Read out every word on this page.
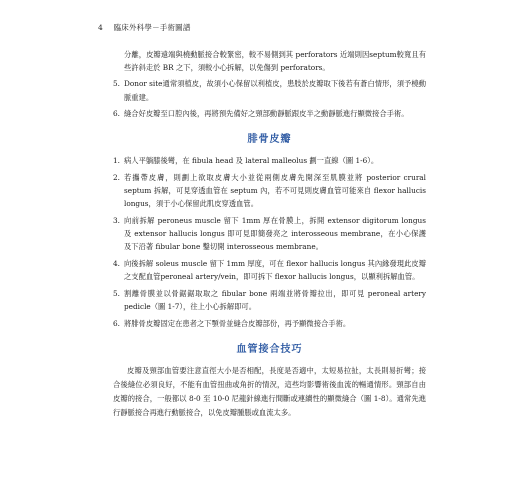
4 臨床外科學－手術圖譜

分離，皮瓣遠端與橈動脈接合較緊密，較不易側到其 perforators 近端則因septum較寬且有些許斜走於 BR 之下，須較小心拆解，以免傷到 perforators。

5. Donor site通常須植皮，故須小心保留以利植皮，患肢於皮瓣取下後若有蒼白情形，須予橈動脈重建。
6. 縫合好皮瓣至口腔內後，再將預先備好之頸部動靜脈跟皮半之動靜脈進行顯微接合手術。
腓骨皮瓣
1. 病人平躺膝後彎，在 fibula head 及 lateral malleolus 劃一直線（圖 1-6）。
2. 若攜帶皮膚，則劃上欲取皮膚大小並從兩側皮膚先開深至肌膜並將 posterior crural septum 拆解，可見穿透血管在 septum 內，若不可見則皮膚血管可能來自 flexor hallucis longus，須于小心保留此肌皮穿透血管。
3. 向前拆解 peroneus muscle 留下 1mm 厚在骨膜上，拆開 extensor digitorum longus 及 extensor hallucis longus 即可見即簡發亮之 interosseous membrane，在小心保護及下沿著 fibular bone 鑿切開 interosseous membrane。
4. 向後拆解 soleus muscle 留下 1mm 厚度，可在 flexor hallucis longus 其內緣發現此皮瓣之支配血管peroneal artery/vein，即可拆下 flexor hallucis longus，以顯利拆解血管。
5. 割離骨膜並以骨鋸鋸取取之 fibular bone 兩端並將骨瓣拉出，即可見 peroneal artery pedicle（圖 1-7），往上小心拆解即可。
6. 將腓骨皮瓣固定在患者之下顎骨並縫合皮瓣部份，再予顯微接合手術。
血管接合技巧

皮瓣及頸部血管要注意直徑大小是否相配，長度是否適中，太短易拉扯，太長則易折彎；接合後縫位必須良好，不能有血管扭曲或角折的情況，這些均影響術後血流的暢通情形。頸部自由皮瓣的接合，一般都以 8-0 至 10-0 尼龍針線進行間斷或連續性的顯微縫合（圖 1-8）。通常先進行靜脈接合再進行動脈接合，以免皮瓣腫脹或血流太多。
